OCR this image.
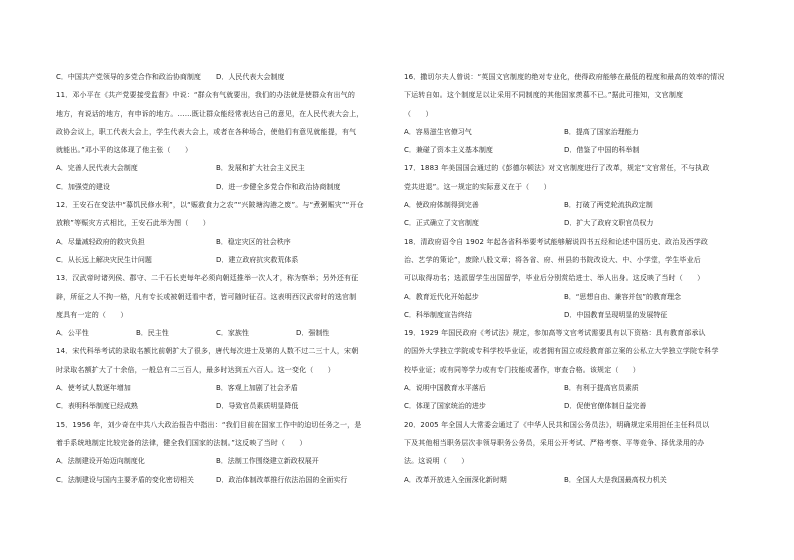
C．中国共产党领导的多党合作和政治协商制度	D．人民代表大会制度
11．邓小平在《共产党要接受监督》中说：“群众有气就要出，我们的办法就是使群众有出气的
地方，有说话的地方，有申诉的地方。……既让群众能经常表达自己的意见，在人民代表大会上，
政协会议上，职工代表大会上，学生代表大会上，或者在各种场合，使他们有意见就能提，有气
就能出。”邓小平的这体现了他主张（　　）
A．完善人民代表大会制度	B．发展和扩大社会主义民主
C．加强党的建设	D．进一步健全多党合作和政治协商制度
12．王安石在变法中“募饥民修水利”，以“赈救食力之农”“兴陂塘沟港之废”。与“煮粥赈灾”“开仓
放粮”等赈灾方式相比，王安石此举为图（　　）
A．尽量减轻政府的救灾负担	B．稳定灾区的社会秩序
C．从长远上解决灾民生计问题	D．建立政府抗灾救荒体系
13．汉武帝时诸列侯、郡守、二千石长吏每年必须向朝廷推举一次人才，称为察举；另外还有征
辟，所征之人不拘一格，凡有专长或被朝廷看中者，皆可随时征召。这表明西汉武帝时的选官制
度具有一定的（　　）
A．公平性	B．民主性	C．家族性	D．强制性
14．宋代科举考试的录取名额比前朝扩大了很多，唐代每次进士及第的人数不过二三十人，宋朝
时录取名额扩大了十余倍，一般总有二三百人，最多时达到五六百人。这一变化（　　）
A．使考试人数逐年增加	B．客观上加剧了社会矛盾
C．表明科举制度已经成熟	D．导致官员素质明显降低
15．1956 年，刘少奇在中共八大政治报告中指出：“我们目前在国家工作中的迫切任务之一，是
着手系统地制定比较完备的法律，健全我们国家的法制。”这反映了当时（　　）
A．法制建设开始迈向制度化	B．法制工作围绕建立新政权展开
C．法制建设与国内主要矛盾的变化密切相关	D．政治体制改革推行依法治国的全面实行
16．撒切尔夫人曾说：“英国文官制度的绝对专业化，使得政府能够在最低的程度和最高的效率的情况
下运转自如。这个制度足以让采用不同制度的其他国家羡慕不已。”据此可推知，文官制度
（　　）
A．容易滋生官僚习气	B．提高了国家治理能力
C．兼碰了资本主义基本制度	D．借鉴了中国的科举制
17．1883 年美国国会通过的《彭德尔顿法》对文官制度进行了改革，规定“文官常任，不与执政
党共进退”。这一规定的实际意义在于（　　）
A．使政府体制得到完善	B．打破了两党轮流执政定制
C．正式确立了文官制度	D．扩大了政府文职官员权力
18．清政府诏令自 1902 年起各省科举要考试能够解说四书五经和论述中国历史、政治及西学政
治、艺学的策论”，废除八股文章；将各省、府、州县的书院改设大、中、小学堂，学生毕业后
可以取得功名；选派留学生出国留学，毕业后分别赏给进士、举人出身。这反映了当时（　　）
A．教育近代化开始起步	B．“思想自由、兼容并包”的教育理念
C．科举制度宣告终结	D．中国教育呈现明显的发展特征
19．1929 年国民政府《考试法》规定，参加高等文官考试需要具有以下资格：具有教育部承认
的国外大学独立学院或专科学校毕业证，或者拥有国立或经教育部立案的公私立大学独立学院专科学
校毕业证；或有同等学力或有专门技能或著作，审查合格。该规定（　　）
A．说明中国教育水平落后	B．有利于提高官员素质
C．体现了国家统治的进步	D．促使官僚体制日益完善
20．2005 年全国人大常委会通过了《中华人民共和国公务员法》，明确规定采用担任主任科员以
下及其他相当职务层次非领导职务公务员，采用公开考试、严格考察、平等竞争、择优录用的办
法。这说明（　　）
A．改革开放进入全面深化新时期	B．全国人大是我国最高权力机关
